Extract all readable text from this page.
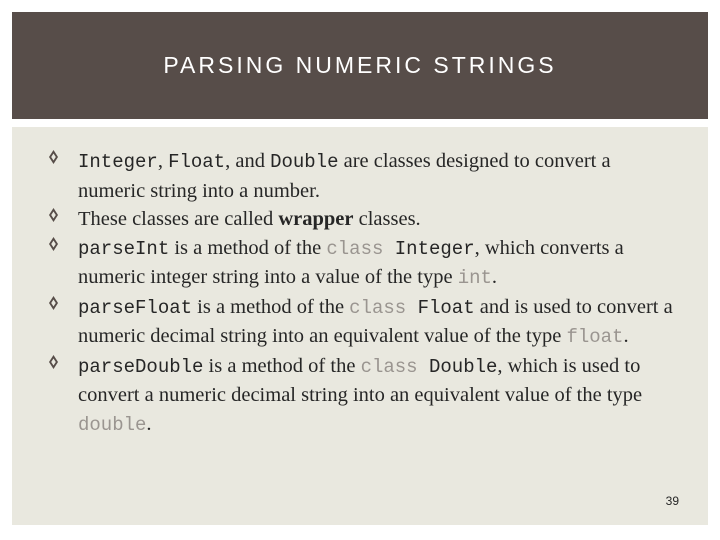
PARSING NUMERIC STRINGS
Integer, Float, and Double are classes designed to convert a numeric string into a number.
These classes are called wrapper classes.
parseInt is a method of the class Integer, which converts a numeric integer string into a value of the type int.
parseFloat is a method of the class Float and is used to convert a numeric decimal string into an equivalent value of the type float.
parseDouble is a method of the class Double, which is used to convert a numeric decimal string into an equivalent value of the type double.
39
